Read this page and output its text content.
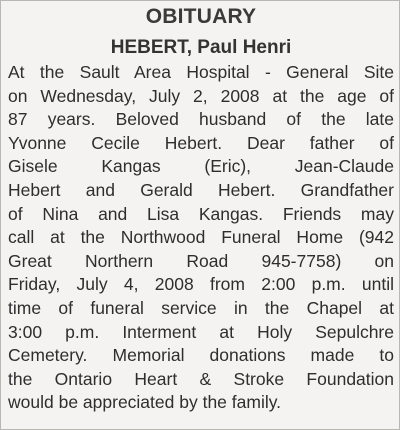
OBITUARY
HEBERT, Paul Henri
At the Sault Area Hospital - General Site
on Wednesday, July 2, 2008 at the age of
87 years. Beloved husband of the late
Yvonne Cecile Hebert. Dear father of
Gisele Kangas (Eric), Jean-Claude
Hebert and Gerald Hebert. Grandfather
of Nina and Lisa Kangas. Friends may
call at the Northwood Funeral Home (942
Great Northern Road 945-7758) on
Friday, July 4, 2008 from 2:00 p.m. until
time of funeral service in the Chapel at
3:00 p.m. Interment at Holy Sepulchre
Cemetery. Memorial donations made to
the Ontario Heart & Stroke Foundation
would be appreciated by the family.
